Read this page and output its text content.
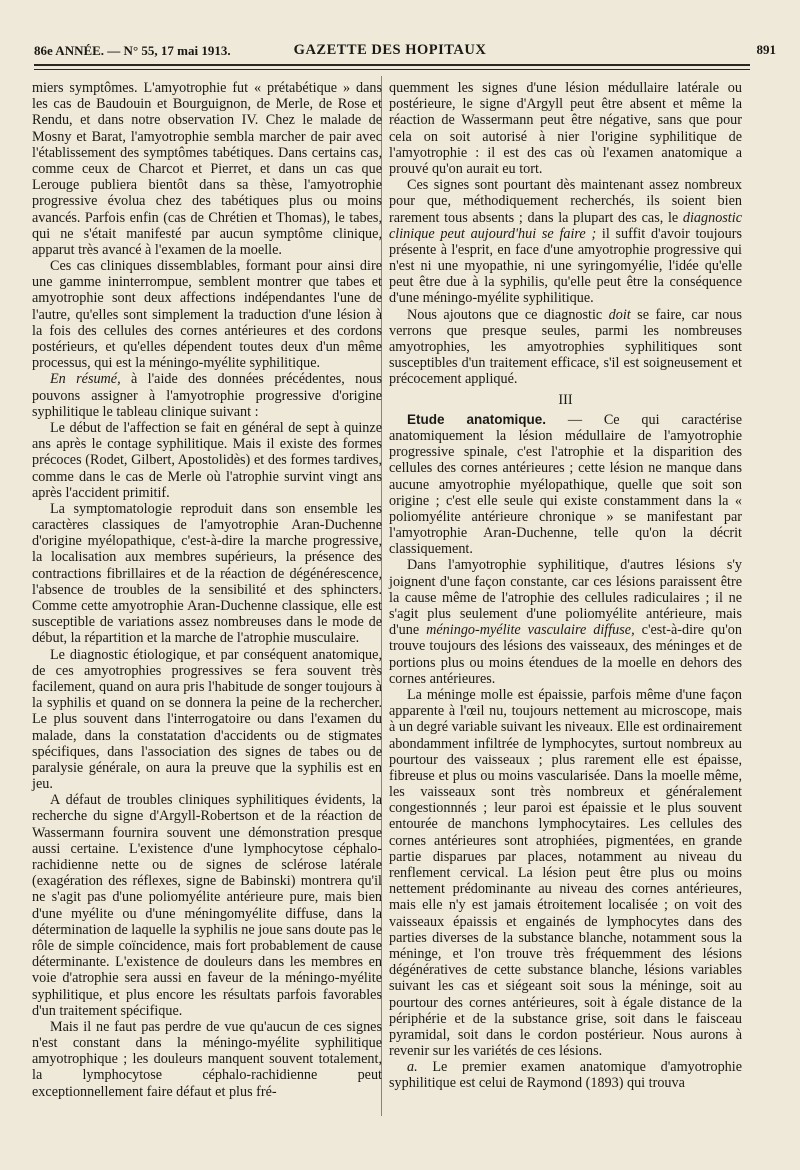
86e ANNÉE. — N° 55, 17 mai 1913.	GAZETTE DES HOPITAUX	891

miers symptômes. L'amyotrophie fut « prétabétique » dans les cas de Baudouin et Bourguignon, de Merle, de Rose et Rendu, et dans notre observation IV. Chez le malade de Mosny et Barat, l'amyotrophie sembla marcher de pair avec l'établissement des symptômes tabétiques. Dans certains cas, comme ceux de Charcot et Pierret, et dans un cas que Lerouge publiera bientôt dans sa thèse, l'amyotrophie progressive évolua chez des tabétiques plus ou moins avancés. Parfois enfin (cas de Chrétien et Thomas), le tabes, qui ne s'était manifesté par aucun symptôme clinique, apparut très avancé à l'examen de la moelle.

Ces cas cliniques dissemblables, formant pour ainsi dire une gamme ininterrompue, semblent montrer que tabes et amyotrophie sont deux affections indépendantes l'une de l'autre, qu'elles sont simplement la traduction d'une lésion à la fois des cellules des cornes antérieures et des cordons postérieurs, et qu'elles dépendent toutes deux d'un même processus, qui est la méningo-myélite syphilitique.

En résumé, à l'aide des données précédentes, nous pouvons assigner à l'amyotrophie progressive d'origine syphilitique le tableau clinique suivant :

Le début de l'affection se fait en général de sept à quinze ans après le contage syphilitique. Mais il existe des formes précoces (Rodet, Gilbert, Apostolidès) et des formes tardives, comme dans le cas de Merle où l'atrophie survint vingt ans après l'accident primitif.

La symptomatologie reproduit dans son ensemble les caractères classiques de l'amyotrophie Aran-Duchenne d'origine myélopathique, c'est-à-dire la marche progressive, la localisation aux membres supérieurs, la présence des contractions fibrillaires et de la réaction de dégénérescence, l'absence de troubles de la sensibilité et des sphincters. Comme cette amyotrophie Aran-Duchenne classique, elle est susceptible de variations assez nombreuses dans le mode de début, la répartition et la marche de l'atrophie musculaire.

Le diagnostic étiologique, et par conséquent anatomique, de ces amyotrophies progressives se fera souvent très facilement, quand on aura pris l'habitude de songer toujours à la syphilis et quand on se donnera la peine de la rechercher. Le plus souvent dans l'interrogatoire ou dans l'examen du malade, dans la constatation d'accidents ou de stigmates spécifiques, dans l'association des signes de tabes ou de paralysie générale, on aura la preuve que la syphilis est en jeu.

A défaut de troubles cliniques syphilitiques évidents, la recherche du signe d'Argyll-Robertson et de la réaction de Wassermann fournira souvent une démonstration presque aussi certaine. L'existence d'une lymphocytose céphalo-rachidienne nette ou de signes de sclérose latérale (exagération des réflexes, signe de Babinski) montrera qu'il ne s'agit pas d'une poliomyélite antérieure pure, mais bien d'une myélite ou d'une méningomyélite diffuse, dans la détermination de laquelle la syphilis ne joue sans doute pas le rôle de simple coïncidence, mais fort probablement de cause déterminante. L'existence de douleurs dans les membres en voie d'atrophie sera aussi en faveur de la méningo-myélite syphilitique, et plus encore les résultats parfois favorables d'un traitement spécifique.

Mais il ne faut pas perdre de vue qu'aucun de ces signes n'est constant dans la méningo-myélite syphilitique amyotrophique ; les douleurs manquent souvent totalement, la lymphocytose céphalo-rachidienne peut exceptionnellement faire défaut et plus fré-

quemment les signes d'une lésion médullaire latérale ou postérieure, le signe d'Argyll peut être absent et même la réaction de Wassermann peut être négative, sans que pour cela on soit autorisé à nier l'origine syphilitique de l'amyotrophie : il est des cas où l'examen anatomique a prouvé qu'on aurait eu tort.

Ces signes sont pourtant dès maintenant assez nombreux pour que, méthodiquement recherchés, ils soient bien rarement tous absents ; dans la plupart des cas, le diagnostic clinique peut aujourd'hui se faire ; il suffit d'avoir toujours présente à l'esprit, en face d'une amyotrophie progressive qui n'est ni une myopathie, ni une syringomyélie, l'idée qu'elle peut être due à la syphilis, qu'elle peut être la conséquence d'une méningo-myélite syphilitique.

Nous ajoutons que ce diagnostic doit se faire, car nous verrons que presque seules, parmi les nombreuses amyotrophies, les amyotrophies syphilitiques sont susceptibles d'un traitement efficace, s'il est soigneusement et précocement appliqué.

III

Etude anatomique. — Ce qui caractérise anatomiquement la lésion médullaire de l'amyotrophie progressive spinale, c'est l'atrophie et la disparition des cellules des cornes antérieures ; cette lésion ne manque dans aucune amyotrophie myélopathique, quelle que soit son origine ; c'est elle seule qui existe constamment dans la « poliomyélite antérieure chronique » se manifestant par l'amyotrophie Aran-Duchenne, telle qu'on la décrit classiquement.

Dans l'amyotrophie syphilitique, d'autres lésions s'y joignent d'une façon constante, car ces lésions paraissent être la cause même de l'atrophie des cellules radiculaires ; il ne s'agit plus seulement d'une poliomyélite antérieure, mais d'une méningo-myélite vasculaire diffuse, c'est-à-dire qu'on trouve toujours des lésions des vaisseaux, des méninges et de portions plus ou moins étendues de la moelle en dehors des cornes antérieures.

La méninge molle est épaissie, parfois même d'une façon apparente à l'œil nu, toujours nettement au microscope, mais à un degré variable suivant les niveaux. Elle est ordinairement abondamment infiltrée de lymphocytes, surtout nombreux au pourtour des vaisseaux ; plus rarement elle est épaisse, fibreuse et plus ou moins vascularisée. Dans la moelle même, les vaisseaux sont très nombreux et généralement congestionnnés ; leur paroi est épaissie et le plus souvent entourée de manchons lymphocytaires. Les cellules des cornes antérieures sont atrophiées, pigmentées, en grande partie disparues par places, notamment au niveau du renflement cervical. La lésion peut être plus ou moins nettement prédominante au niveau des cornes antérieures, mais elle n'y est jamais étroitement localisée ; on voit des vaisseaux épaissis et engainés de lymphocytes dans des parties diverses de la substance blanche, notamment sous la méninge, et l'on trouve très fréquemment des lésions dégénératives de cette substance blanche, lésions variables suivant les cas et siégeant soit sous la méninge, soit au pourtour des cornes antérieures, soit à égale distance de la périphérie et de la substance grise, soit dans le faisceau pyramidal, soit dans le cordon postérieur. Nous aurons à revenir sur les variétés de ces lésions.

a. Le premier examen anatomique d'amyotrophie syphilitique est celui de Raymond (1893) qui trouva
